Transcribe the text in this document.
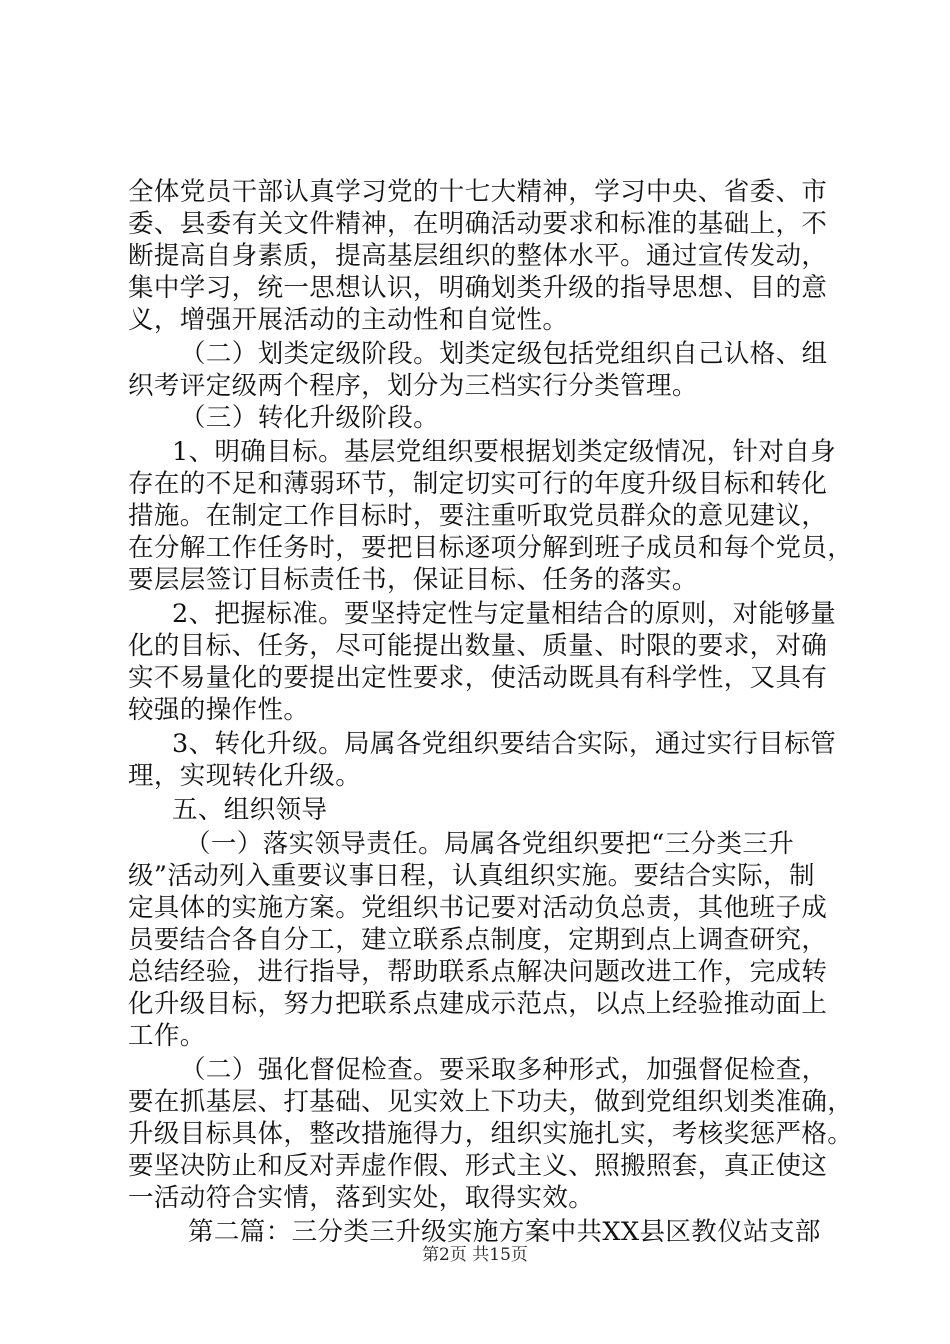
全体党员干部认真学习党的十七大精神，学习中央、省委、市
委、县委有关文件精神，在明确活动要求和标准的基础上，不
断提高自身素质，提高基层组织的整体水平。通过宣传发动，
集中学习，统一思想认识，明确划类升级的指导思想、目的意
义，增强开展活动的主动性和自觉性。
（二）划类定级阶段。划类定级包括党组织自己认格、组
织考评定级两个程序，划分为三档实行分类管理。
（三）转化升级阶段。
1、明确目标。基层党组织要根据划类定级情况，针对自身
存在的不足和薄弱环节，制定切实可行的年度升级目标和转化
措施。在制定工作目标时，要注重听取党员群众的意见建议，
在分解工作任务时，要把目标逐项分解到班子成员和每个党员，
要层层签订目标责任书，保证目标、任务的落实。
2、把握标准。要坚持定性与定量相结合的原则，对能够量
化的目标、任务，尽可能提出数量、质量、时限的要求，对确
实不易量化的要提出定性要求，使活动既具有科学性，又具有
较强的操作性。
3、转化升级。局属各党组织要结合实际，通过实行目标管
理，实现转化升级。
五、组织领导
（一）落实领导责任。局属各党组织要把“三分类三升
级”活动列入重要议事日程，认真组织实施。要结合实际，制
定具体的实施方案。党组织书记要对活动负总责，其他班子成
员要结合各自分工，建立联系点制度，定期到点上调查研究，
总结经验，进行指导，帮助联系点解决问题改进工作，完成转
化升级目标，努力把联系点建成示范点，以点上经验推动面上
工作。
（二）强化督促检查。要采取多种形式，加强督促检查，
要在抓基层、打基础、见实效上下功夫，做到党组织划类准确，
升级目标具体，整改措施得力，组织实施扎实，考核奖惩严格。
要坚决防止和反对弄虚作假、形式主义、照搬照套，真正使这
一活动符合实情，落到实处，取得实效。
第二篇：三分类三升级实施方案中共XX县区教仪站支部
第2页 共15页
